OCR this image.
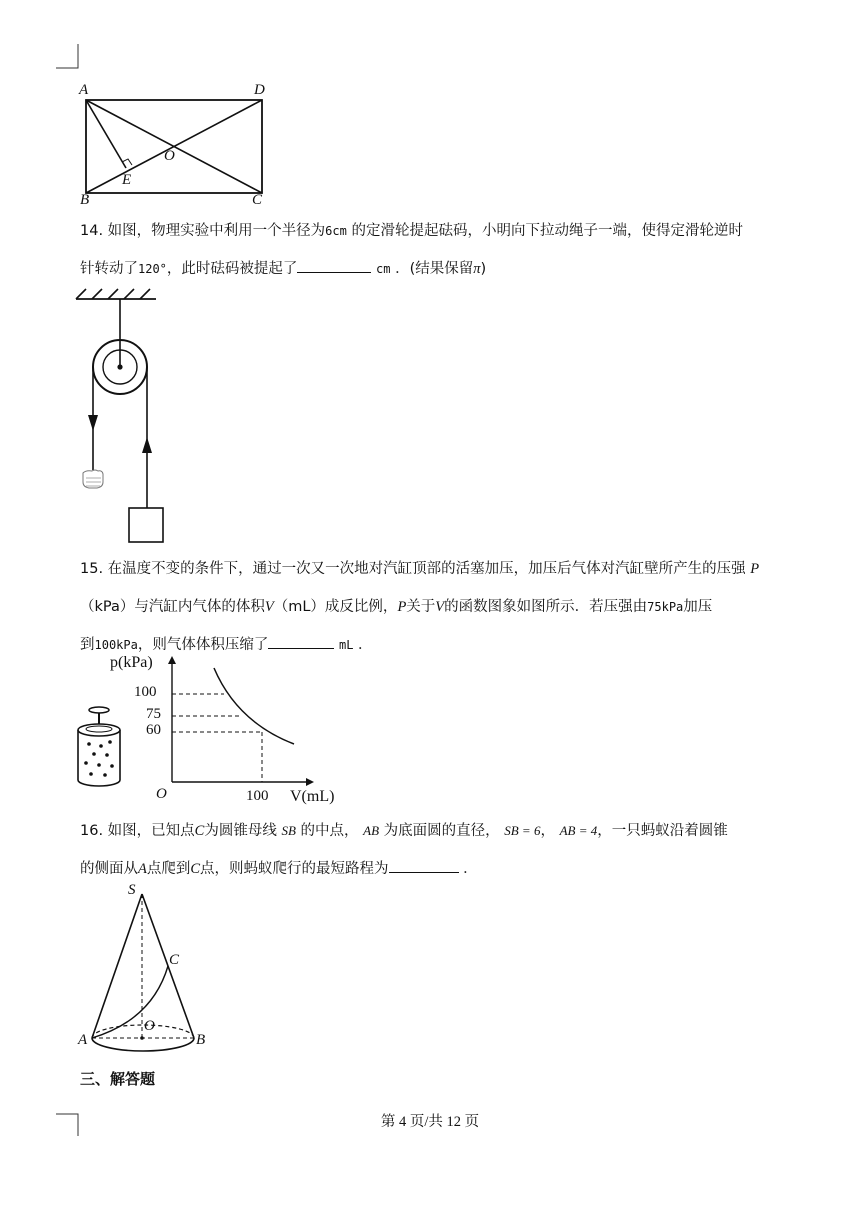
A	D
B	C
O
E
14. 如图，物理实验中利用一个半径为6cm 的定滑轮提起砝码，小明向下拉动绳子一端，使得定滑轮逆时
针转动了120°，此时砝码被提起了	cm ．(结果保留π)
15. 在温度不变的条件下，通过一次又一次地对汽缸顶部的活塞加压，加压后气体对汽缸壁所产生的压强 P
（kPa）与汽缸内气体的体积V（mL）成反比例，P关于V的函数图象如图所示．若压强由75kPa加压
到100kPa，则气体体积压缩了	mL ．
p(kPa)
100
75
60
O	100 V(mL)
16. 如图，已知点C为圆锥母线 SB 的中点， AB 为底面圆的直径， SB = 6， AB = 4，一只蚂蚁沿着圆锥
的侧面从A点爬到C点，则蚂蚁爬行的最短路程为	．
S
C
O
A	B
三、解答题
第 4 页/共 12 页
